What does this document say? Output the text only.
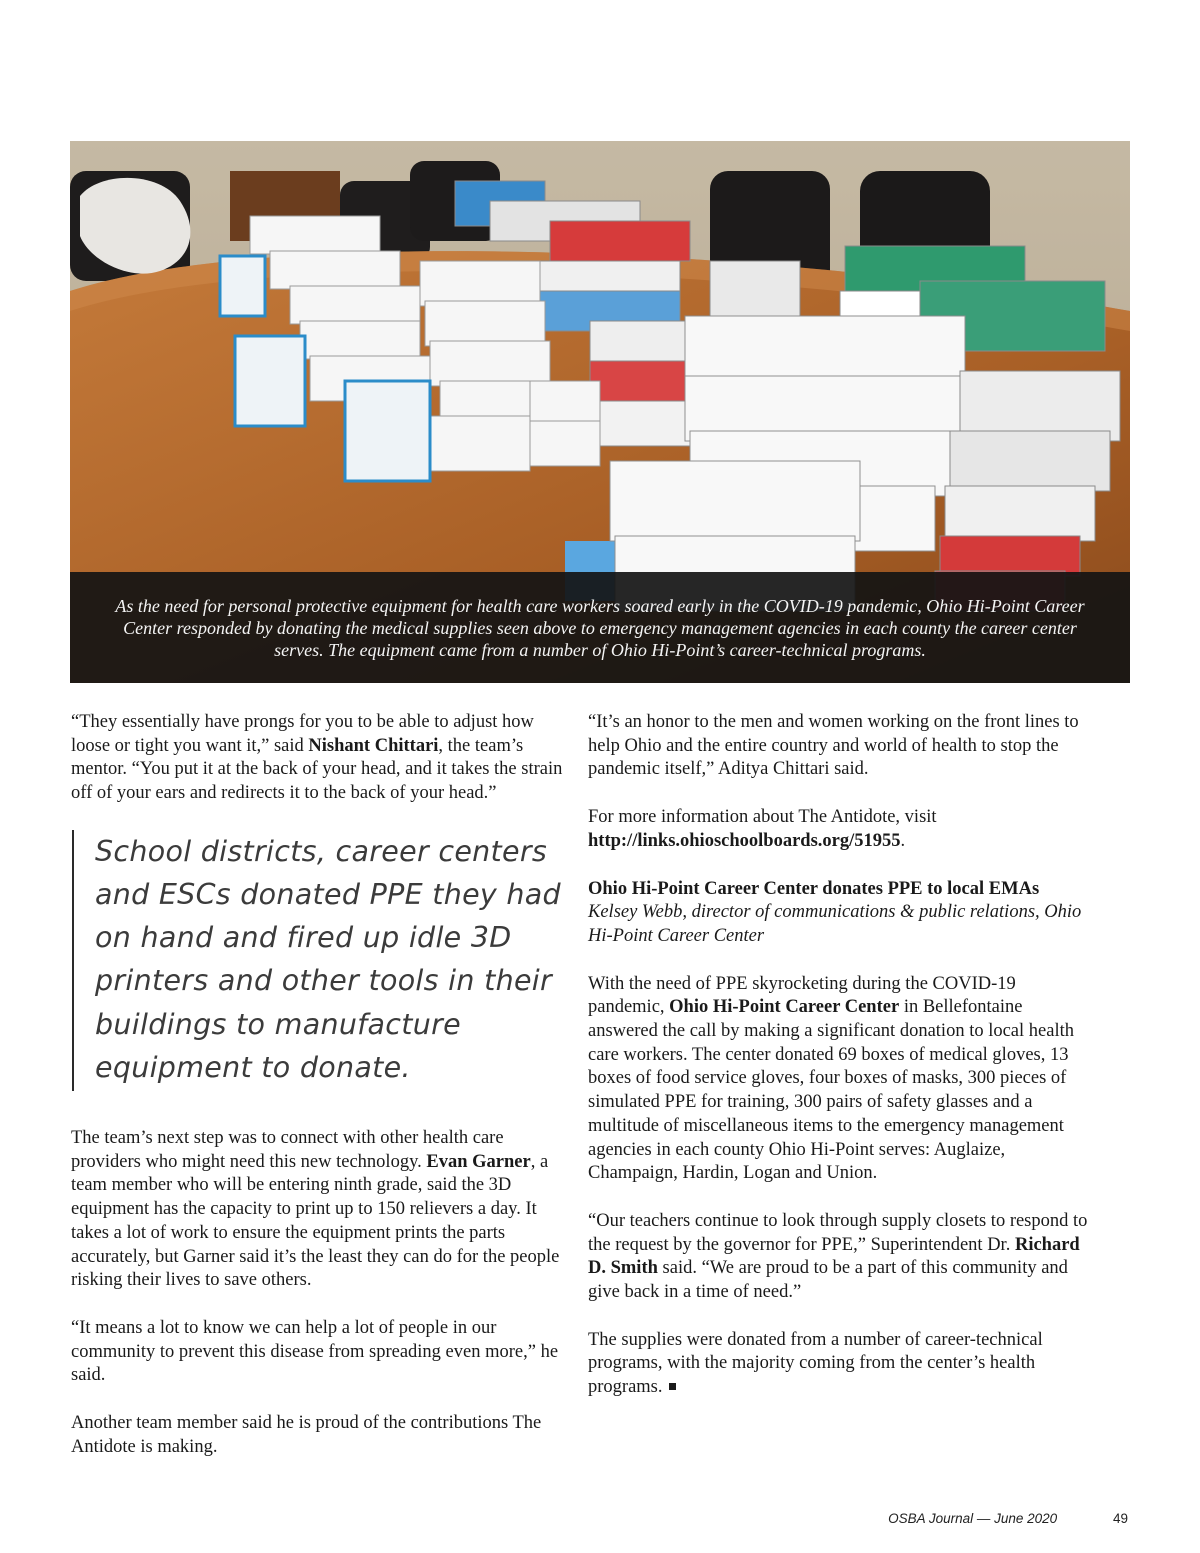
As the need for personal protective equipment for health care workers soared early in the COVID-19 pandemic, Ohio Hi-Point Career Center responded by donating the medical supplies seen above to emergency management agencies in each county the career center serves. The equipment came from a number of Ohio Hi-Point’s career-technical programs.

“They essentially have prongs for you to be able to adjust how loose or tight you want it,” said Nishant Chittari, the team’s mentor. “You put it at the back of your head, and it takes the strain off of your ears and redirects it to the back of your head.”

School districts, career centers and ESCs donated PPE they had on hand and fired up idle 3D printers and other tools in their buildings to manufacture equipment to donate.

The team’s next step was to connect with other health care providers who might need this new technology. Evan Garner, a team member who will be entering ninth grade, said the 3D equipment has the capacity to print up to 150 relievers a day. It takes a lot of work to ensure the equipment prints the parts accurately, but Garner said it’s the least they can do for the people risking their lives to save others.

“It means a lot to know we can help a lot of people in our community to prevent this disease from spreading even more,” he said.

Another team member said he is proud of the contributions The Antidote is making.

“It’s an honor to the men and women working on the front lines to help Ohio and the entire country and world of health to stop the pandemic itself,” Aditya Chittari said.

For more information about The Antidote, visit http://links.ohioschoolboards.org/51955.

Ohio Hi-Point Career Center donates PPE to local EMAs
Kelsey Webb, director of communications & public relations, Ohio Hi-Point Career Center

With the need of PPE skyrocketing during the COVID-19 pandemic, Ohio Hi-Point Career Center in Bellefontaine answered the call by making a significant donation to local health care workers. The center donated 69 boxes of medical gloves, 13 boxes of food service gloves, four boxes of masks, 300 pieces of simulated PPE for training, 300 pairs of safety glasses and a multitude of miscellaneous items to the emergency management agencies in each county Ohio Hi-Point serves: Auglaize, Champaign, Hardin, Logan and Union.

“Our teachers continue to look through supply closets to respond to the request by the governor for PPE,” Superintendent Dr. Richard D. Smith said. “We are proud to be a part of this community and give back in a time of need.”

The supplies were donated from a number of career-technical programs, with the majority coming from the center’s health programs.

OSBA Journal — June 2020	49
